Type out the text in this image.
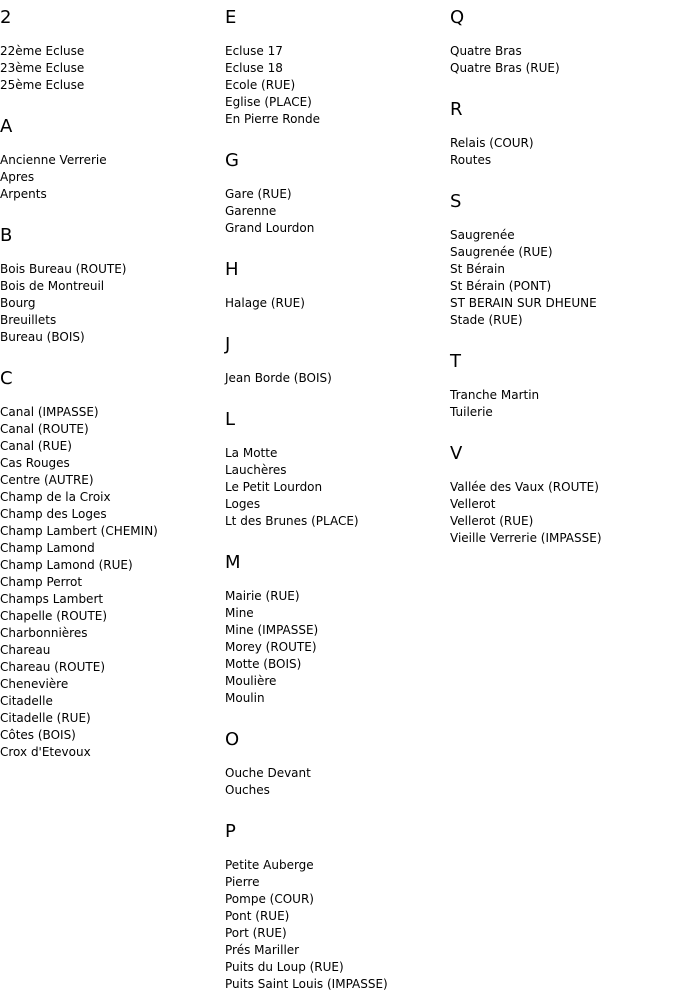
2
22ème Ecluse
23ème Ecluse
25ème Ecluse
A
Ancienne Verrerie
Apres
Arpents
B
Bois Bureau (ROUTE)
Bois de Montreuil
Bourg
Breuillets
Bureau (BOIS)
C
Canal (IMPASSE)
Canal (ROUTE)
Canal (RUE)
Cas Rouges
Centre (AUTRE)
Champ de la Croix
Champ des Loges
Champ Lambert (CHEMIN)
Champ Lamond
Champ Lamond (RUE)
Champ Perrot
Champs Lambert
Chapelle (ROUTE)
Charbonnières
Chareau
Chareau (ROUTE)
Chenevière
Citadelle
Citadelle (RUE)
Côtes (BOIS)
Crox d'Etevoux
E
Ecluse 17
Ecluse 18
Ecole (RUE)
Eglise (PLACE)
En Pierre Ronde
G
Gare (RUE)
Garenne
Grand Lourdon
H
Halage (RUE)
J
Jean Borde (BOIS)
L
La Motte
Lauchères
Le Petit Lourdon
Loges
Lt des Brunes (PLACE)
M
Mairie (RUE)
Mine
Mine (IMPASSE)
Morey (ROUTE)
Motte (BOIS)
Moulière
Moulin
O
Ouche Devant
Ouches
P
Petite Auberge
Pierre
Pompe (COUR)
Pont (RUE)
Port (RUE)
Prés Mariller
Puits du Loup (RUE)
Puits Saint Louis (IMPASSE)
Q
Quatre Bras
Quatre Bras (RUE)
R
Relais (COUR)
Routes
S
Saugrenée
Saugrenée (RUE)
St Bérain
St Bérain (PONT)
ST BERAIN SUR DHEUNE
Stade (RUE)
T
Tranche Martin
Tuilerie
V
Vallée des Vaux (ROUTE)
Vellerot
Vellerot (RUE)
Vieille Verrerie (IMPASSE)
